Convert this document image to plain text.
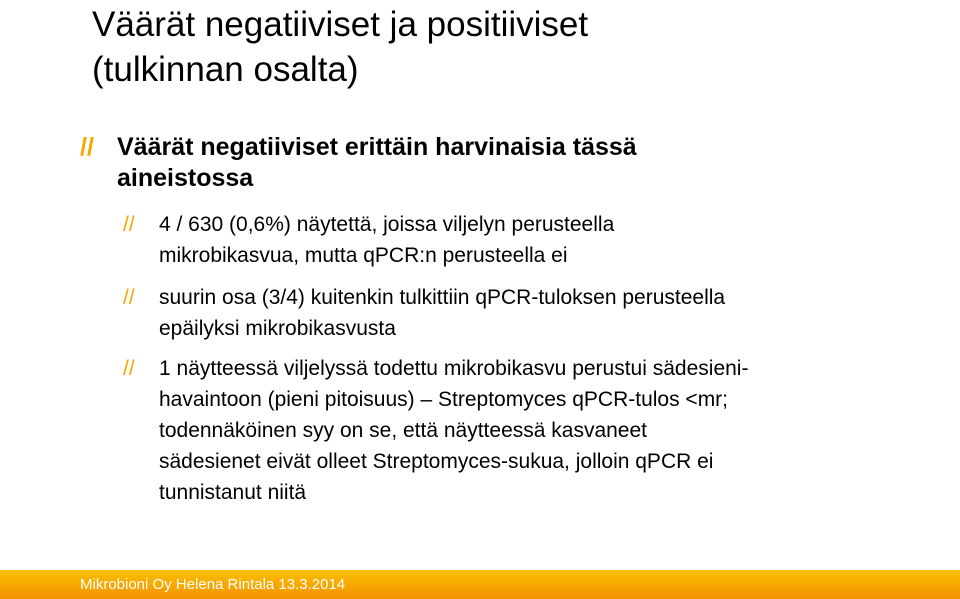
Väärät negatiiviset ja positiiviset
(tulkinnan osalta)
// Väärät negatiiviset erittäin harvinaisia tässä
aineistossa
// 4 / 630 (0,6%) näytettä, joissa viljelyn perusteella
mikrobikasvua, mutta qPCR:n perusteella ei
// suurin osa (3/4) kuitenkin tulkittiin qPCR-tuloksen perusteella
epäilyksi mikrobikasvusta
// 1 näytteessä viljelyssä todettu mikrobikasvu perustui sädesieni-
havaintoon (pieni pitoisuus) – Streptomyces qPCR-tulos <mr;
todennäköinen syy on se, että näytteessä kasvaneet
sädesienet eivät olleet Streptomyces-sukua, jolloin qPCR ei
tunnistanut niitä
Mikrobioni Oy Helena Rintala 13.3.2014
